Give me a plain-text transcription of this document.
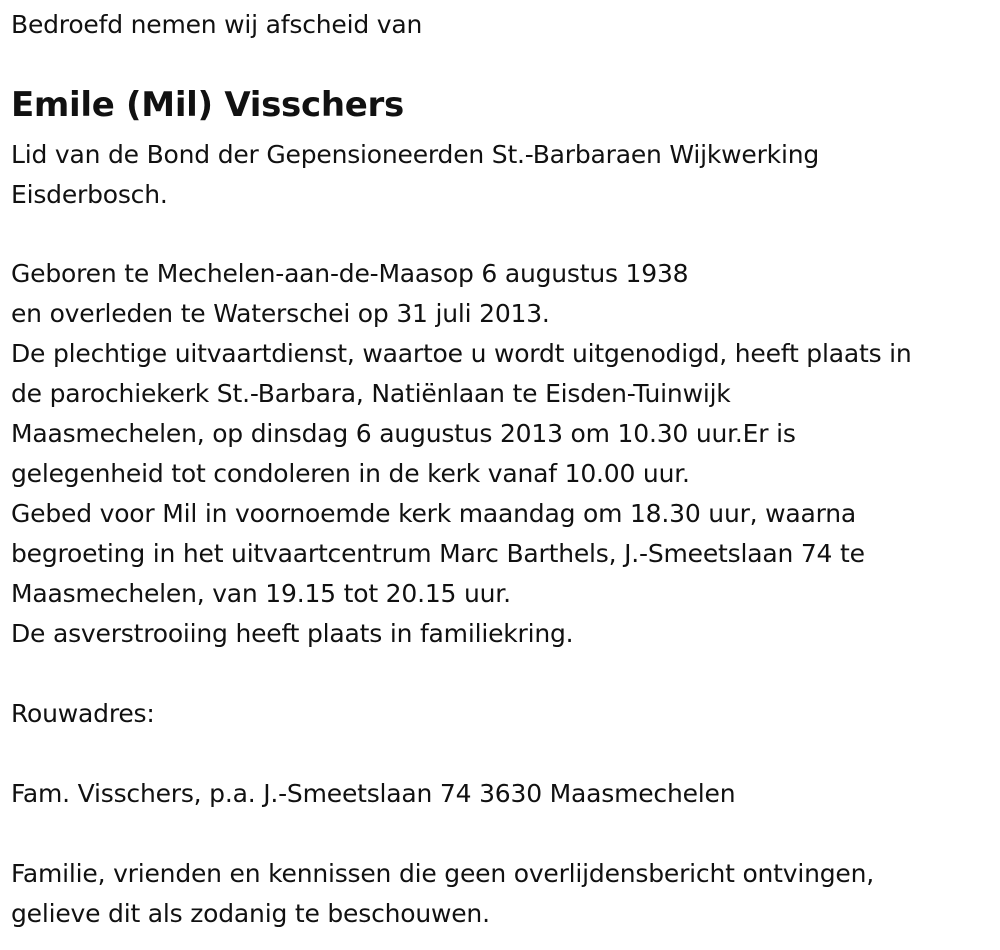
Bedroefd nemen wij afscheid van
Emile (Mil) Visschers
Lid van de Bond der Gepensioneerden St.-Barbaraen Wijkwerking
Eisderbosch.
Geboren te Mechelen-aan-de-Maasop 6 augustus 1938
en overleden te Waterschei op 31 juli 2013.
De plechtige uitvaartdienst, waartoe u wordt uitgenodigd, heeft plaats in
de parochiekerk St.-Barbara, Natiënlaan te Eisden-Tuinwijk
Maasmechelen, op dinsdag 6 augustus 2013 om 10.30 uur.Er is
gelegenheid tot condoleren in de kerk vanaf 10.00 uur.
Gebed voor Mil in voornoemde kerk maandag om 18.30 uur, waarna
begroeting in het uitvaartcentrum Marc Barthels, J.-Smeetslaan 74 te
Maasmechelen, van 19.15 tot 20.15 uur.
De asverstrooiing heeft plaats in familiekring.
Rouwadres:
Fam. Visschers, p.a. J.-Smeetslaan 74 3630 Maasmechelen
Familie, vrienden en kennissen die geen overlijdensbericht ontvingen,
gelieve dit als zodanig te beschouwen.
